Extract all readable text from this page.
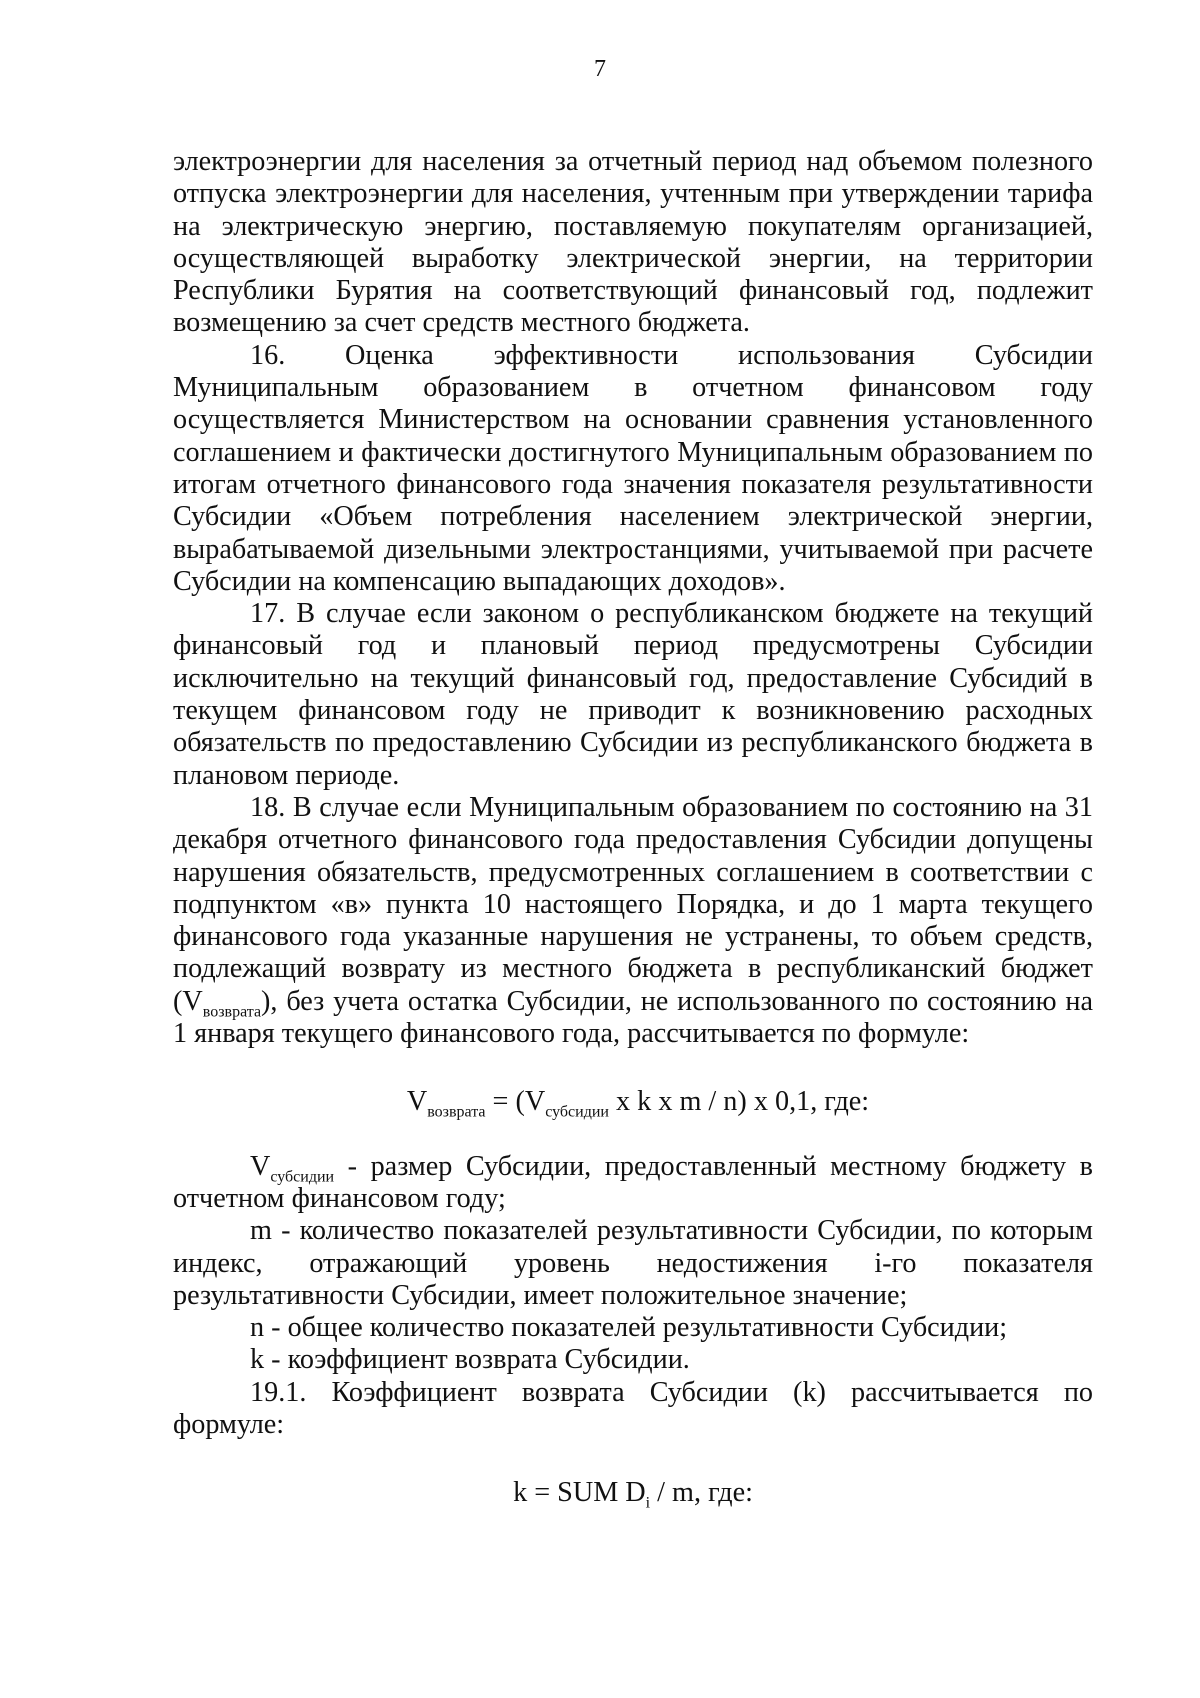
7

электроэнергии для населения за отчетный период над объемом полезного отпуска электроэнергии для населения, учтенным при утверждении тарифа на электрическую энергию, поставляемую покупателям организацией, осуществляющей выработку электрической энергии, на территории Республики Бурятия на соответствующий финансовый год, подлежит возмещению за счет средств местного бюджета.

16. Оценка эффективности использования Субсидии Муниципальным образованием в отчетном финансовом году осуществляется Министерством на основании сравнения установленного соглашением и фактически достигнутого Муниципальным образованием по итогам отчетного финансового года значения показателя результативности Субсидии «Объем потребления населением электрической энергии, вырабатываемой дизельными электростанциями, учитываемой при расчете Субсидии на компенсацию выпадающих доходов».

17. В случае если законом о республиканском бюджете на текущий финансовый год и плановый период предусмотрены Субсидии исключительно на текущий финансовый год, предоставление Субсидий в текущем финансовом году не приводит к возникновению расходных обязательств по предоставлению Субсидии из республиканского бюджета в плановом периоде.

18. В случае если Муниципальным образованием по состоянию на 31 декабря отчетного финансового года предоставления Субсидии допущены нарушения обязательств, предусмотренных соглашением в соответствии с подпунктом «в» пункта 10 настоящего Порядка, и до 1 марта текущего финансового года указанные нарушения не устранены, то объем средств, подлежащий возврату из местного бюджета в республиканский бюджет $(V_{возврата})$, без учета остатка Субсидии, не использованного по состоянию на 1 января текущего финансового года, рассчитывается по формуле:

$V_{возврата} = (V_{субсидии}$ x k x m / n) x 0,1, где:

$V_{субсидии}$ - размер Субсидии, предоставленный местному бюджету в отчетном финансовом году;

m - количество показателей результативности Субсидии, по которым индекс, отражающий уровень недостижения i-го показателя результативности Субсидии, имеет положительное значение;

n - общее количество показателей результативности Субсидии;

k - коэффициент возврата Субсидии.

19.1. Коэффициент возврата Субсидии (k) рассчитывается по формуле:

k = SUM $D_i$ / m, где:
